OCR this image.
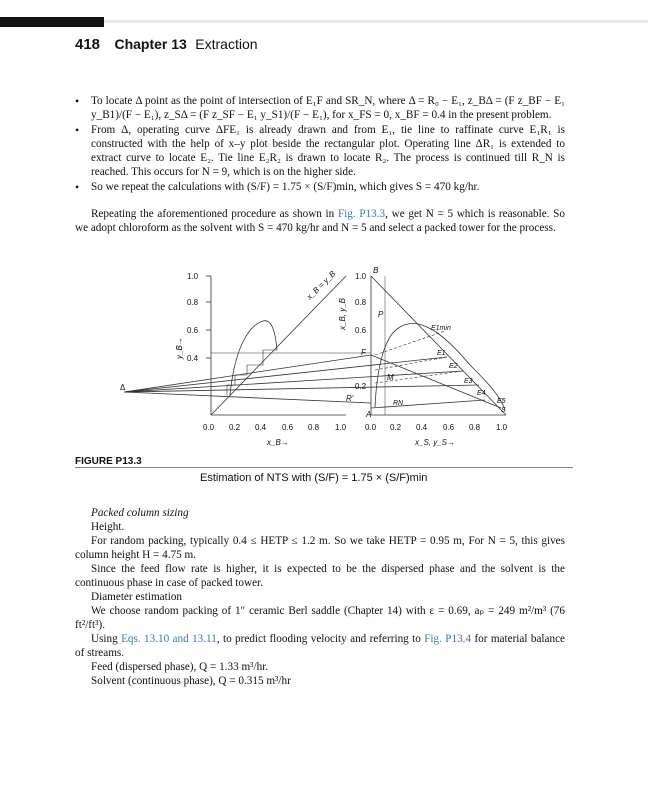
418 Chapter 13 Extraction
• To locate Δ point as the point of intersection of E₁F and SR_N, where Δ = R₀ − E₁, z_BΔ = (F z_BF − E₁ y_B1)/(F − E₁), z_SΔ = (F z_SF − E₁ y_S1)/(F − E₁), for x_FS = 0, x_BF = 0.4 in the present problem.
• From Δ, operating curve ΔFE₁ is already drawn and from E₁, tie line to raffinate curve E₁R₁ is constructed with the help of x–y plot beside the rectangular plot. Operating line ΔR₁ is extended to extract curve to locate E₂. Tie line E₂R₂ is drawn to locate R₂. The process is continued till R_N is reached. This occurs for N = 9, which is on the higher side.
• So we repeat the calculations with (S/F) = 1.75 × (S/F)min, which gives S = 470 kg/hr.

Repeating the aforementioned procedure as shown in Fig. P13.3, we get N = 5 which is reasonable. So we adopt chloroform as the solvent with S = 470 kg/hr and N = 5 and select a packed tower for the process.

1.0
0.8
0.6
0.4
0.0 0.2 0.4 0.6 0.8 1.0
x_B→
y_B→
x_B = y_B 1.0
0.8
0.6
0.2
0.0 0.2 0.4 0.6 0.8 1.0
x_S, y_S→
x_B, y_B
B
P
E1min
E1
E2
E3
E4
E5
S
F
M
R'
RN
A
Δ
FIGURE P13.3
Estimation of NTS with (S/F) = 1.75 × (S/F)min

Packed column sizing

Height.

For random packing, typically 0.4 ≤ HETP ≤ 1.2 m. So we take HETP = 0.95 m, For N = 5, this gives column height H = 4.75 m.

Since the feed flow rate is higher, it is expected to be the dispersed phase and the solvent is the continuous phase in case of packed tower.

Diameter estimation

We choose random packing of 1″ ceramic Berl saddle (Chapter 14) with ε = 0.69, aₚ = 249 m²/m³ (76 ft²/ft³).

Using Eqs. 13.10 and 13.11, to predict flooding velocity and referring to Fig. P13.4 for material balance of streams.

Feed (dispersed phase), Q = 1.33 m³/hr.

Solvent (continuous phase), Q = 0.315 m³/hr
